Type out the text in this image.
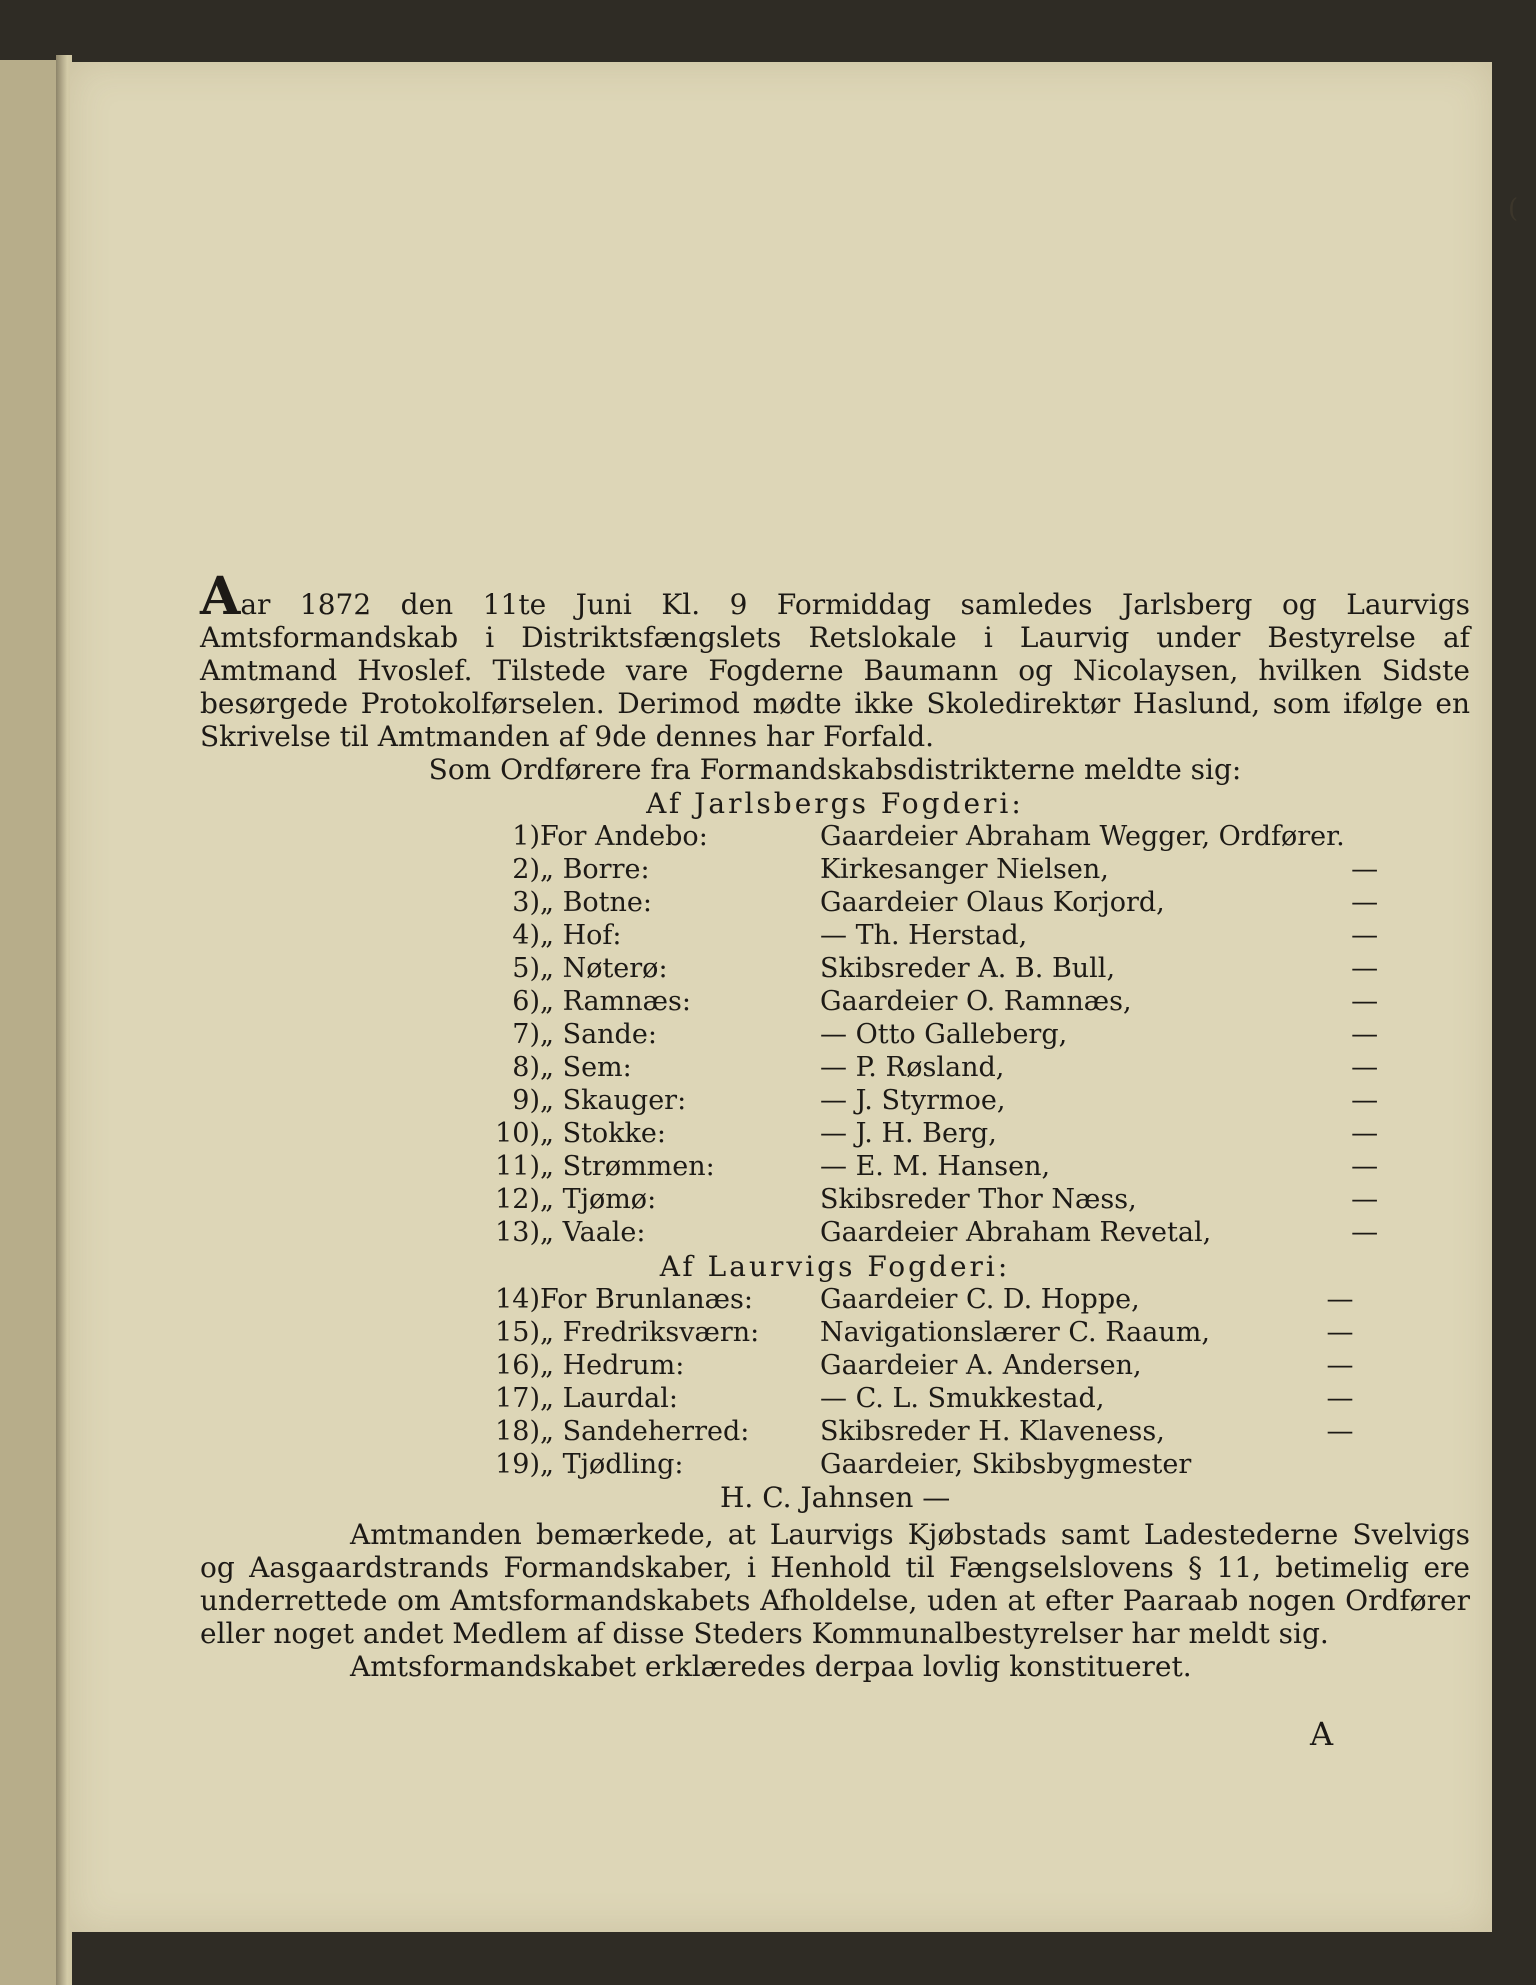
(

Aar 1872 den 11te Juni Kl. 9 Formiddag samledes Jarlsberg og Laurvigs Amtsformandskab i Distriktsfængslets Retslokale i Laurvig under Bestyrelse af Amtmand Hvoslef. Tilstede vare Fogderne Baumann og Nicolaysen, hvilken Sidste besørgede Protokolførselen. Derimod mødte ikke Skoledirektør Haslund, som ifølge en Skrivelse til Amtmanden af 9de dennes har Forfald.

Som Ordførere fra Formandskabsdistrikterne meldte sig:

Af Jarlsbergs Fogderi:

1)	For Andebo:	Gaardeier Abraham Wegger, Ordfører.	
2)	„ Borre:	Kirkesanger Nielsen,	—
3)	„ Botne:	Gaardeier Olaus Korjord,	—
4)	„ Hof:	— Th. Herstad,	—
5)	„ Nøterø:	Skibsreder A. B. Bull,	—
6)	„ Ramnæs:	Gaardeier O. Ramnæs,	—
7)	„ Sande:	— Otto Galleberg,	—
8)	„ Sem:	— P. Røsland,	—
9)	„ Skauger:	— J. Styrmoe,	—
10)	„ Stokke:	— J. H. Berg,	—
11)	„ Strømmen:	— E. M. Hansen,	—
12)	„ Tjømø:	Skibsreder Thor Næss,	—
13)	„ Vaale:	Gaardeier Abraham Revetal,	—

Af Laurvigs Fogderi:

14)	For Brunlanæs:	Gaardeier C. D. Hoppe,	—
15)	„ Fredriksværn:	Navigationslærer C. Raaum,	—
16)	„ Hedrum:	Gaardeier A. Andersen,	—
17)	„ Laurdal:	— C. L. Smukkestad,	—
18)	„ Sandeherred:	Skibsreder H. Klaveness,	—
19)	„ Tjødling:	Gaardeier, Skibsbygmester	
H. C. Jahnsen —

Amtmanden bemærkede, at Laurvigs Kjøbstads samt Ladestederne Svelvigs og Aasgaardstrands Formandskaber, i Henhold til Fængselslovens § 11, betimelig ere underrettede om Amtsformandskabets Afholdelse, uden at efter Paaraab nogen Ordfører eller noget andet Medlem af disse Steders Kommunalbestyrelser har meldt sig.

Amtsformandskabet erklæredes derpaa lovlig konstitueret.

A
